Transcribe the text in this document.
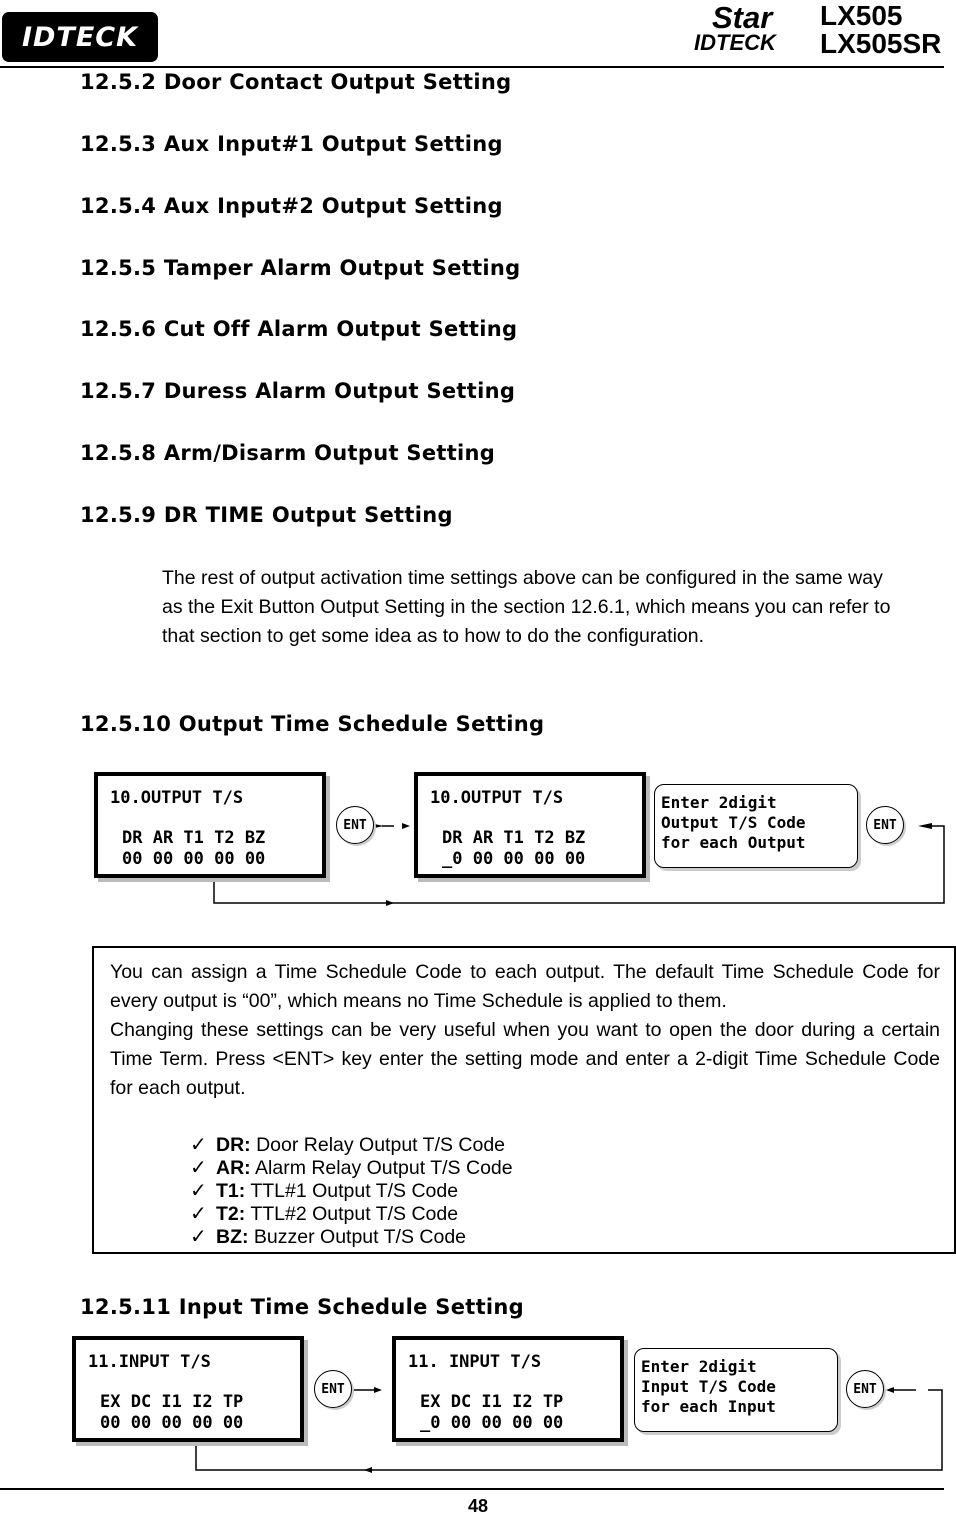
IDTECK
Star
IDTECK
LX505
LX505SR
12.5.2 Door Contact Output Setting
12.5.3 Aux Input#1 Output Setting
12.5.4 Aux Input#2 Output Setting
12.5.5 Tamper Alarm Output Setting
12.5.6 Cut Off Alarm Output Setting
12.5.7 Duress Alarm Output Setting
12.5.8 Arm/Disarm Output Setting
12.5.9 DR TIME Output Setting
The rest of output activation time settings above can be configured in the same way
as the Exit Button Output Setting in the section 12.6.1, which means you can refer to
that section to get some idea as to how to do the configuration.
12.5.10 Output Time Schedule Setting
10.OUTPUT T/S
DR AR T1 T2 BZ
00 00 00 00 00
ENT
10.OUTPUT T/S
DR AR T1 T2 BZ
_0 00 00 00 00
Enter 2digit
Output T/S Code
for each Output
ENT
You can assign a Time Schedule Code to each output. The default Time Schedule Code for every output is “00”, which means no Time Schedule is applied to them.
Changing these settings can be very useful when you want to open the door during a certain Time Term. Press <ENT> key enter the setting mode and enter a 2-digit Time Schedule Code for each output.
✓ DR: Door Relay Output T/S Code
✓ AR: Alarm Relay Output T/S Code
✓ T1: TTL#1 Output T/S Code
✓ T2: TTL#2 Output T/S Code
✓ BZ: Buzzer Output T/S Code
12.5.11 Input Time Schedule Setting
11.INPUT T/S
EX DC I1 I2 TP
00 00 00 00 00
ENT
11. INPUT T/S
EX DC I1 I2 TP
_0 00 00 00 00
Enter 2digit
Input T/S Code
for each Input
ENT
48
